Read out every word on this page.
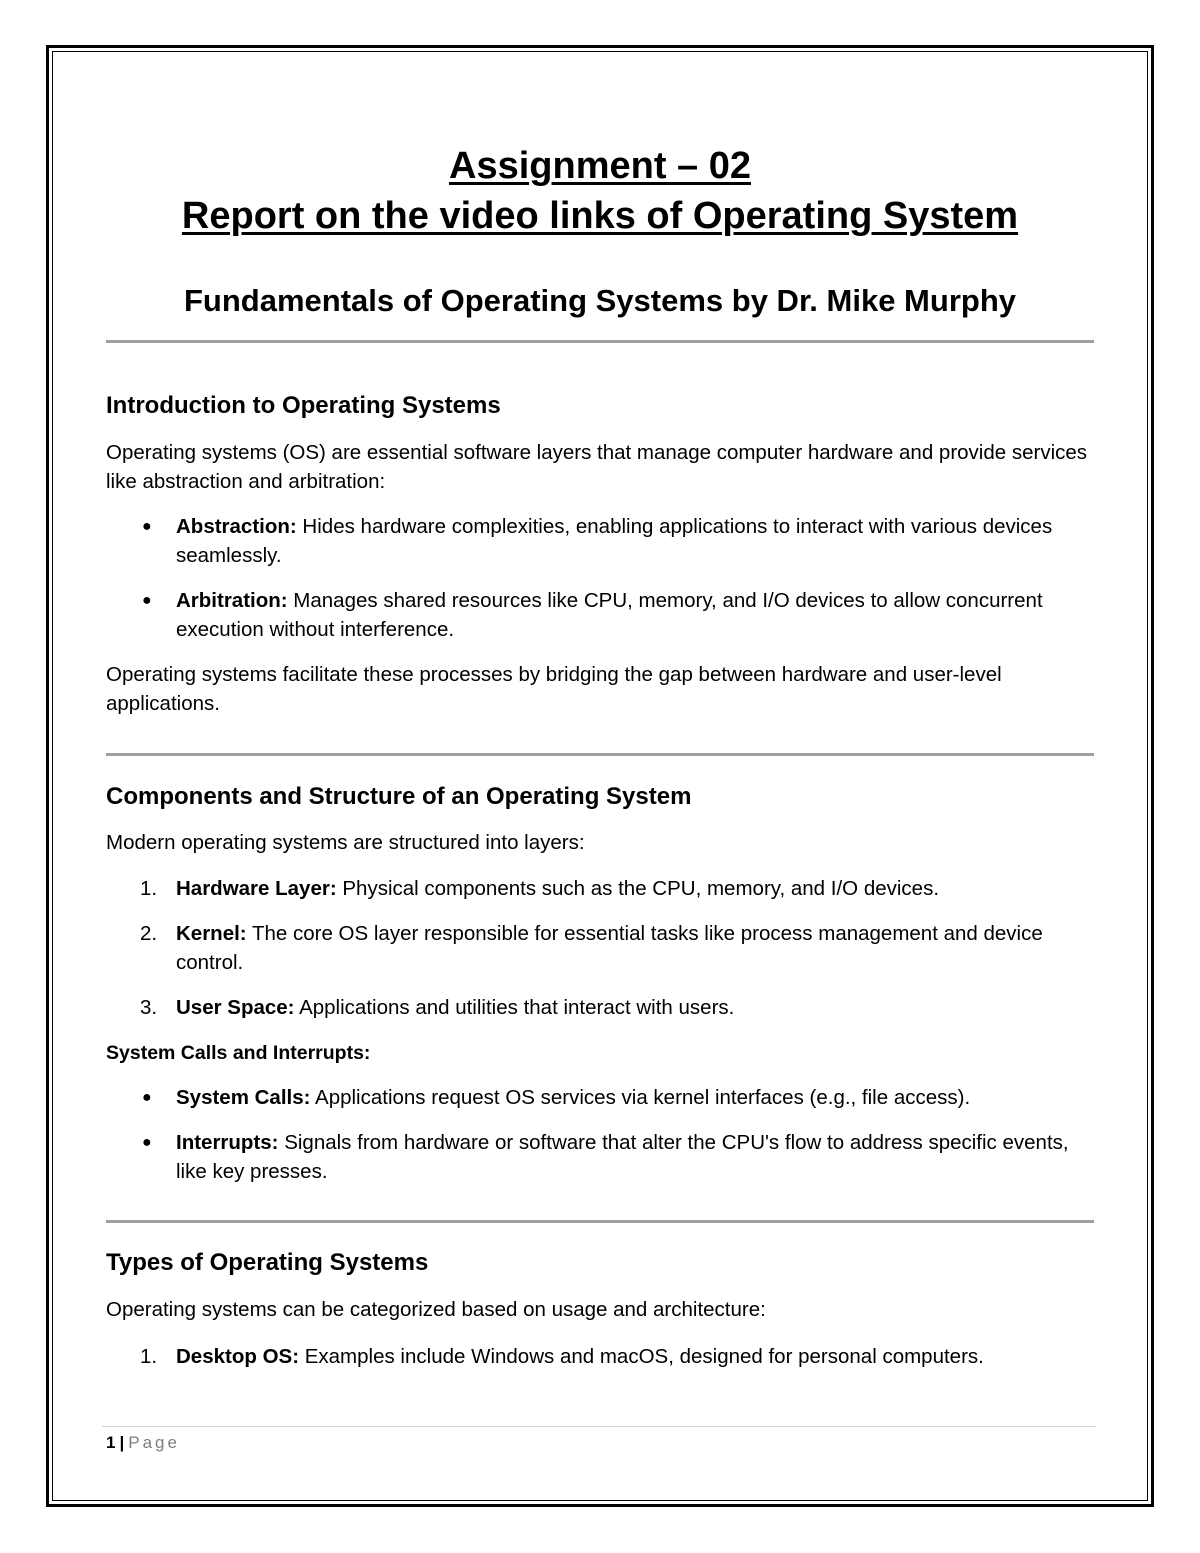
Assignment – 02
Report on the video links of Operating System
Fundamentals of Operating Systems by Dr. Mike Murphy
Introduction to Operating Systems
Operating systems (OS) are essential software layers that manage computer hardware and provide services like abstraction and arbitration:
●	Abstraction: Hides hardware complexities, enabling applications to interact with various devices seamlessly.
●	Arbitration: Manages shared resources like CPU, memory, and I/O devices to allow concurrent execution without interference.
Operating systems facilitate these processes by bridging the gap between hardware and user-level applications.
Components and Structure of an Operating System
Modern operating systems are structured into layers:
1. Hardware Layer: Physical components such as the CPU, memory, and I/O devices.
2. Kernel: The core OS layer responsible for essential tasks like process management and device control.
3. User Space: Applications and utilities that interact with users.
System Calls and Interrupts:
●	System Calls: Applications request OS services via kernel interfaces (e.g., file access).
●	Interrupts: Signals from hardware or software that alter the CPU's flow to address specific events, like key presses.
Types of Operating Systems
Operating systems can be categorized based on usage and architecture:
1. Desktop OS: Examples include Windows and macOS, designed for personal computers.
1 | Page
